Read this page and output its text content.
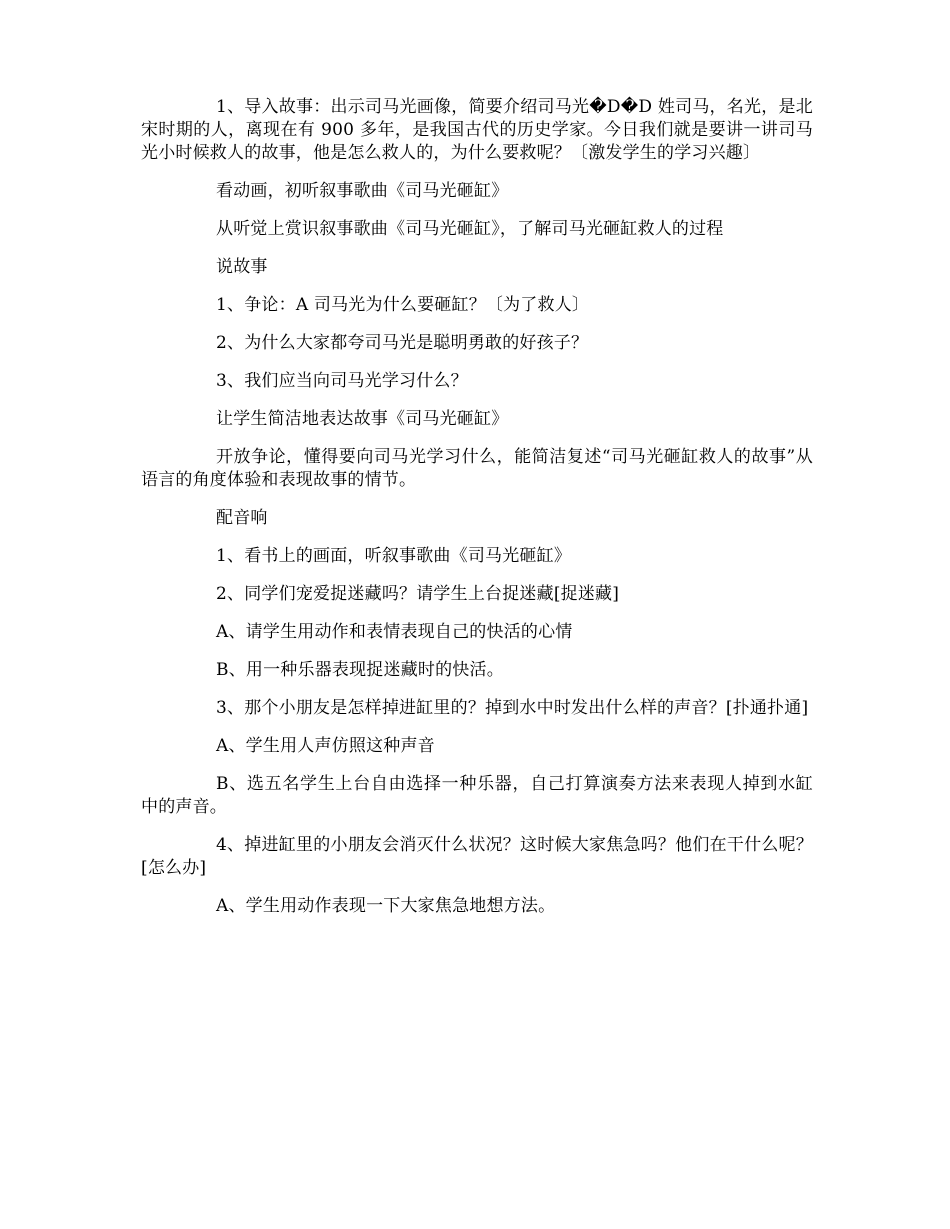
1、导入故事：出示司马光画像，简要介绍司马光�D�D 姓司马，名光，是北宋时期的人，离现在有 900 多年，是我国古代的历史学家。今日我们就是要讲一讲司马光小时候救人的故事，他是怎么救人的，为什么要救呢？〔激发学生的学习兴趣〕

看动画，初听叙事歌曲《司马光砸缸》

从听觉上赏识叙事歌曲《司马光砸缸》，了解司马光砸缸救人的过程

说故事

1、争论：A 司马光为什么要砸缸？〔为了救人〕

2、为什么大家都夸司马光是聪明勇敢的好孩子？

3、我们应当向司马光学习什么？

让学生简洁地表达故事《司马光砸缸》

开放争论，懂得要向司马光学习什么，能简洁复述“司马光砸缸救人的故事”从语言的角度体验和表现故事的情节。

配音响

1、看书上的画面，听叙事歌曲《司马光砸缸》

2、同学们宠爱捉迷藏吗？请学生上台捉迷藏[捉迷藏]

A、请学生用动作和表情表现自己的快活的心情

B、用一种乐器表现捉迷藏时的快活。

3、那个小朋友是怎样掉进缸里的？掉到水中时发出什么样的声音？[扑通扑通]

A、学生用人声仿照这种声音

B、选五名学生上台自由选择一种乐器，自己打算演奏方法来表现人掉到水缸中的声音。

4、掉进缸里的小朋友会消灭什么状况？这时候大家焦急吗？他们在干什么呢？[怎么办]

A、学生用动作表现一下大家焦急地想方法。
